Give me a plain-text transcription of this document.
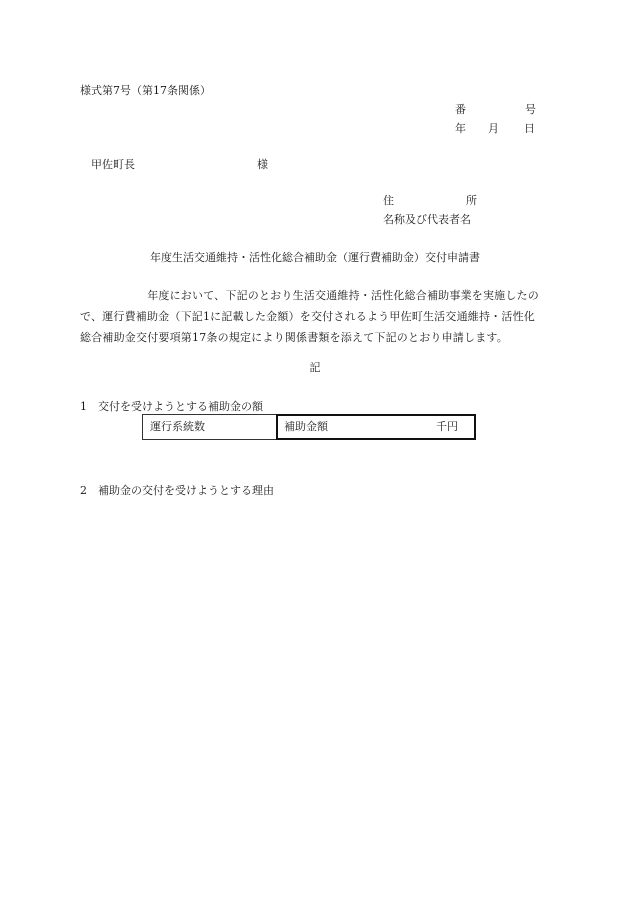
様式第7号（第17条関係）
番	号
年 月 日
甲佐町長	様
住	所
名称及び代表者名
年度生活交通維持・活性化総合補助金（運行費補助金）交付申請書
　　　　　　年度において、下記のとおり生活交通維持・活性化総合補助事業を実施したの
で、運行費補助金（下記1に記載した金額）を交付されるよう甲佐町生活交通維持・活性化
総合補助金交付要項第17条の規定により関係書類を添えて下記のとおり申請します。
記
1　交付を受けようとする補助金の額
運行系統数	補助金額	千円
2　補助金の交付を受けようとする理由
